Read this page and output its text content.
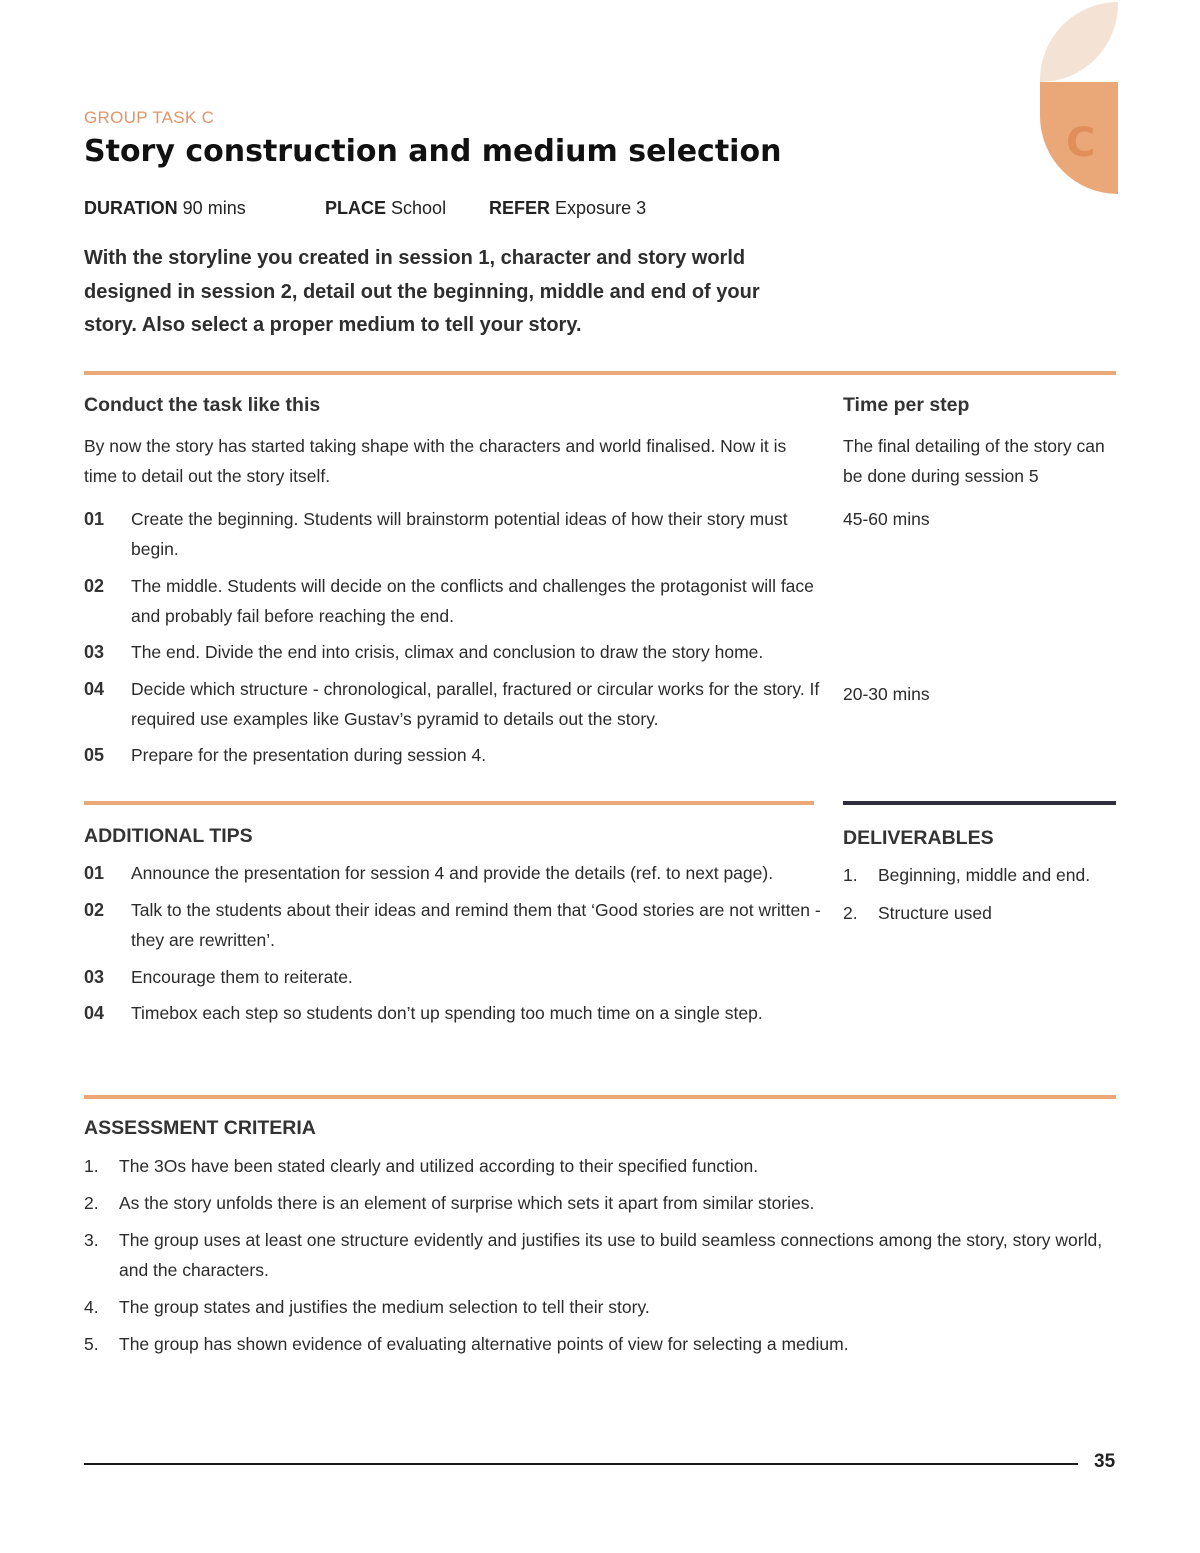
C
GROUP TASK C
Story construction and medium selection
DURATION 90 mins	PLACE School REFER Exposure 3
With the storyline you created in session 1, character and story world designed in session 2, detail out the beginning, middle and end of your story. Also select a proper medium to tell your story.
Conduct the task like this
By now the story has started taking shape with the characters and world finalised. Now it is time to detail out the story itself.
01 Create the beginning. Students will brainstorm potential ideas of how their story must begin.
02 The middle. Students will decide on the conflicts and challenges the protagonist will face and probably fail before reaching the end.
03 The end. Divide the end into crisis, climax and conclusion to draw the story home.
04 Decide which structure - chronological, parallel, fractured or circular works for the story. If required use examples like Gustav’s pyramid to details out the story.
05 Prepare for the presentation during session 4.
Time per step
The final detailing of the story can be done during session 5
45-60 mins
20-30 mins
ADDITIONAL TIPS
01 Announce the presentation for session 4 and provide the details (ref. to next page).
02 Talk to the students about their ideas and remind them that ‘Good stories are not written - they are rewritten’.
03 Encourage them to reiterate.
04 Timebox each step so students don’t up spending too much time on a single step.
DELIVERABLES
1. Beginning, middle and end.
2. Structure used
ASSESSMENT CRITERIA
1. The 3Os have been stated clearly and utilized according to their specified function.
2. As the story unfolds there is an element of surprise which sets it apart from similar stories.
3. The group uses at least one structure evidently and justifies its use to build seamless connections among the story, story world, and the characters.
4. The group states and justifies the medium selection to tell their story.
5. The group has shown evidence of evaluating alternative points of view for selecting a medium.
35
